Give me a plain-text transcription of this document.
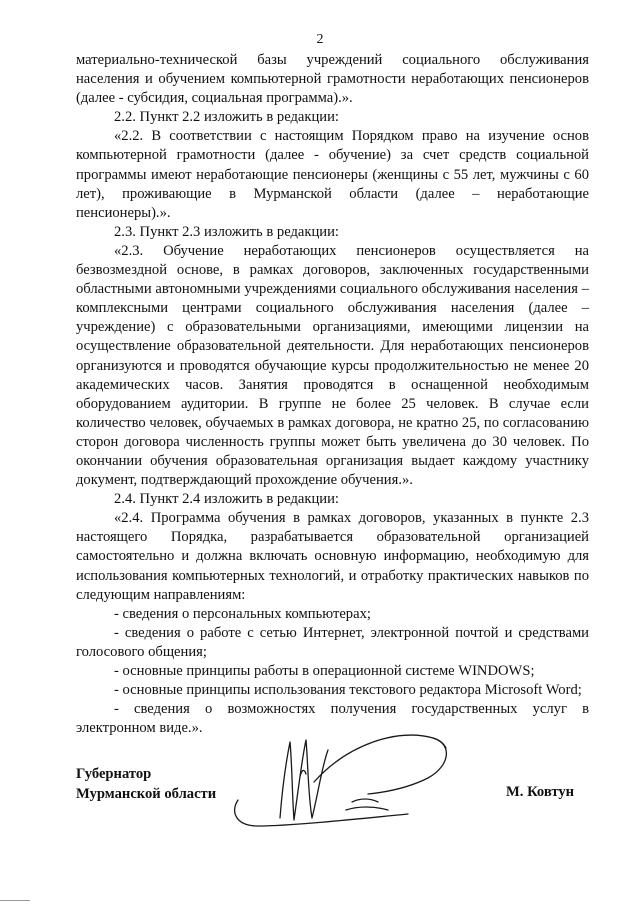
2

материально-технической базы учреждений социального обслуживания населения и обучением компьютерной грамотности неработающих пенсионеров (далее - субсидия, социальная программа).».

2.2. Пункт 2.2 изложить в редакции:

«2.2. В соответствии с настоящим Порядком право на изучение основ компьютерной грамотности (далее - обучение) за счет средств социальной программы имеют неработающие пенсионеры (женщины с 55 лет, мужчины с 60 лет), проживающие в Мурманской области (далее – неработающие пенсионеры).».

2.3. Пункт 2.3 изложить в редакции:

«2.3. Обучение неработающих пенсионеров осуществляется на безвозмездной основе, в рамках договоров, заключенных государственными областными автономными учреждениями социального обслуживания населения – комплексными центрами социального обслуживания населения (далее – учреждение) с образовательными организациями, имеющими лицензии на осуществление образовательной деятельности. Для неработающих пенсионеров организуются и проводятся обучающие курсы продолжительностью не менее 20 академических часов. Занятия проводятся в оснащенной необходимым оборудованием аудитории. В группе не более 25 человек. В случае если количество человек, обучаемых в рамках договора, не кратно 25, по согласованию сторон договора численность группы может быть увеличена до 30 человек. По окончании обучения образовательная организация выдает каждому участнику документ, подтверждающий прохождение обучения.».

2.4. Пункт 2.4 изложить в редакции:

«2.4. Программа обучения в рамках договоров, указанных в пункте 2.3 настоящего Порядка, разрабатывается образовательной организацией самостоятельно и должна включать основную информацию, необходимую для использования компьютерных технологий, и отработку практических навыков по следующим направлениям:

- сведения о персональных компьютерах;

- сведения о работе с сетью Интернет, электронной почтой и средствами голосового общения;

- основные принципы работы в операционной системе WINDOWS;

- основные принципы использования текстового редактора Microsoft Word;

- сведения о возможностях получения государственных услуг в электронном виде.».

Губернатор
Мурманской области	М. Ковтун
